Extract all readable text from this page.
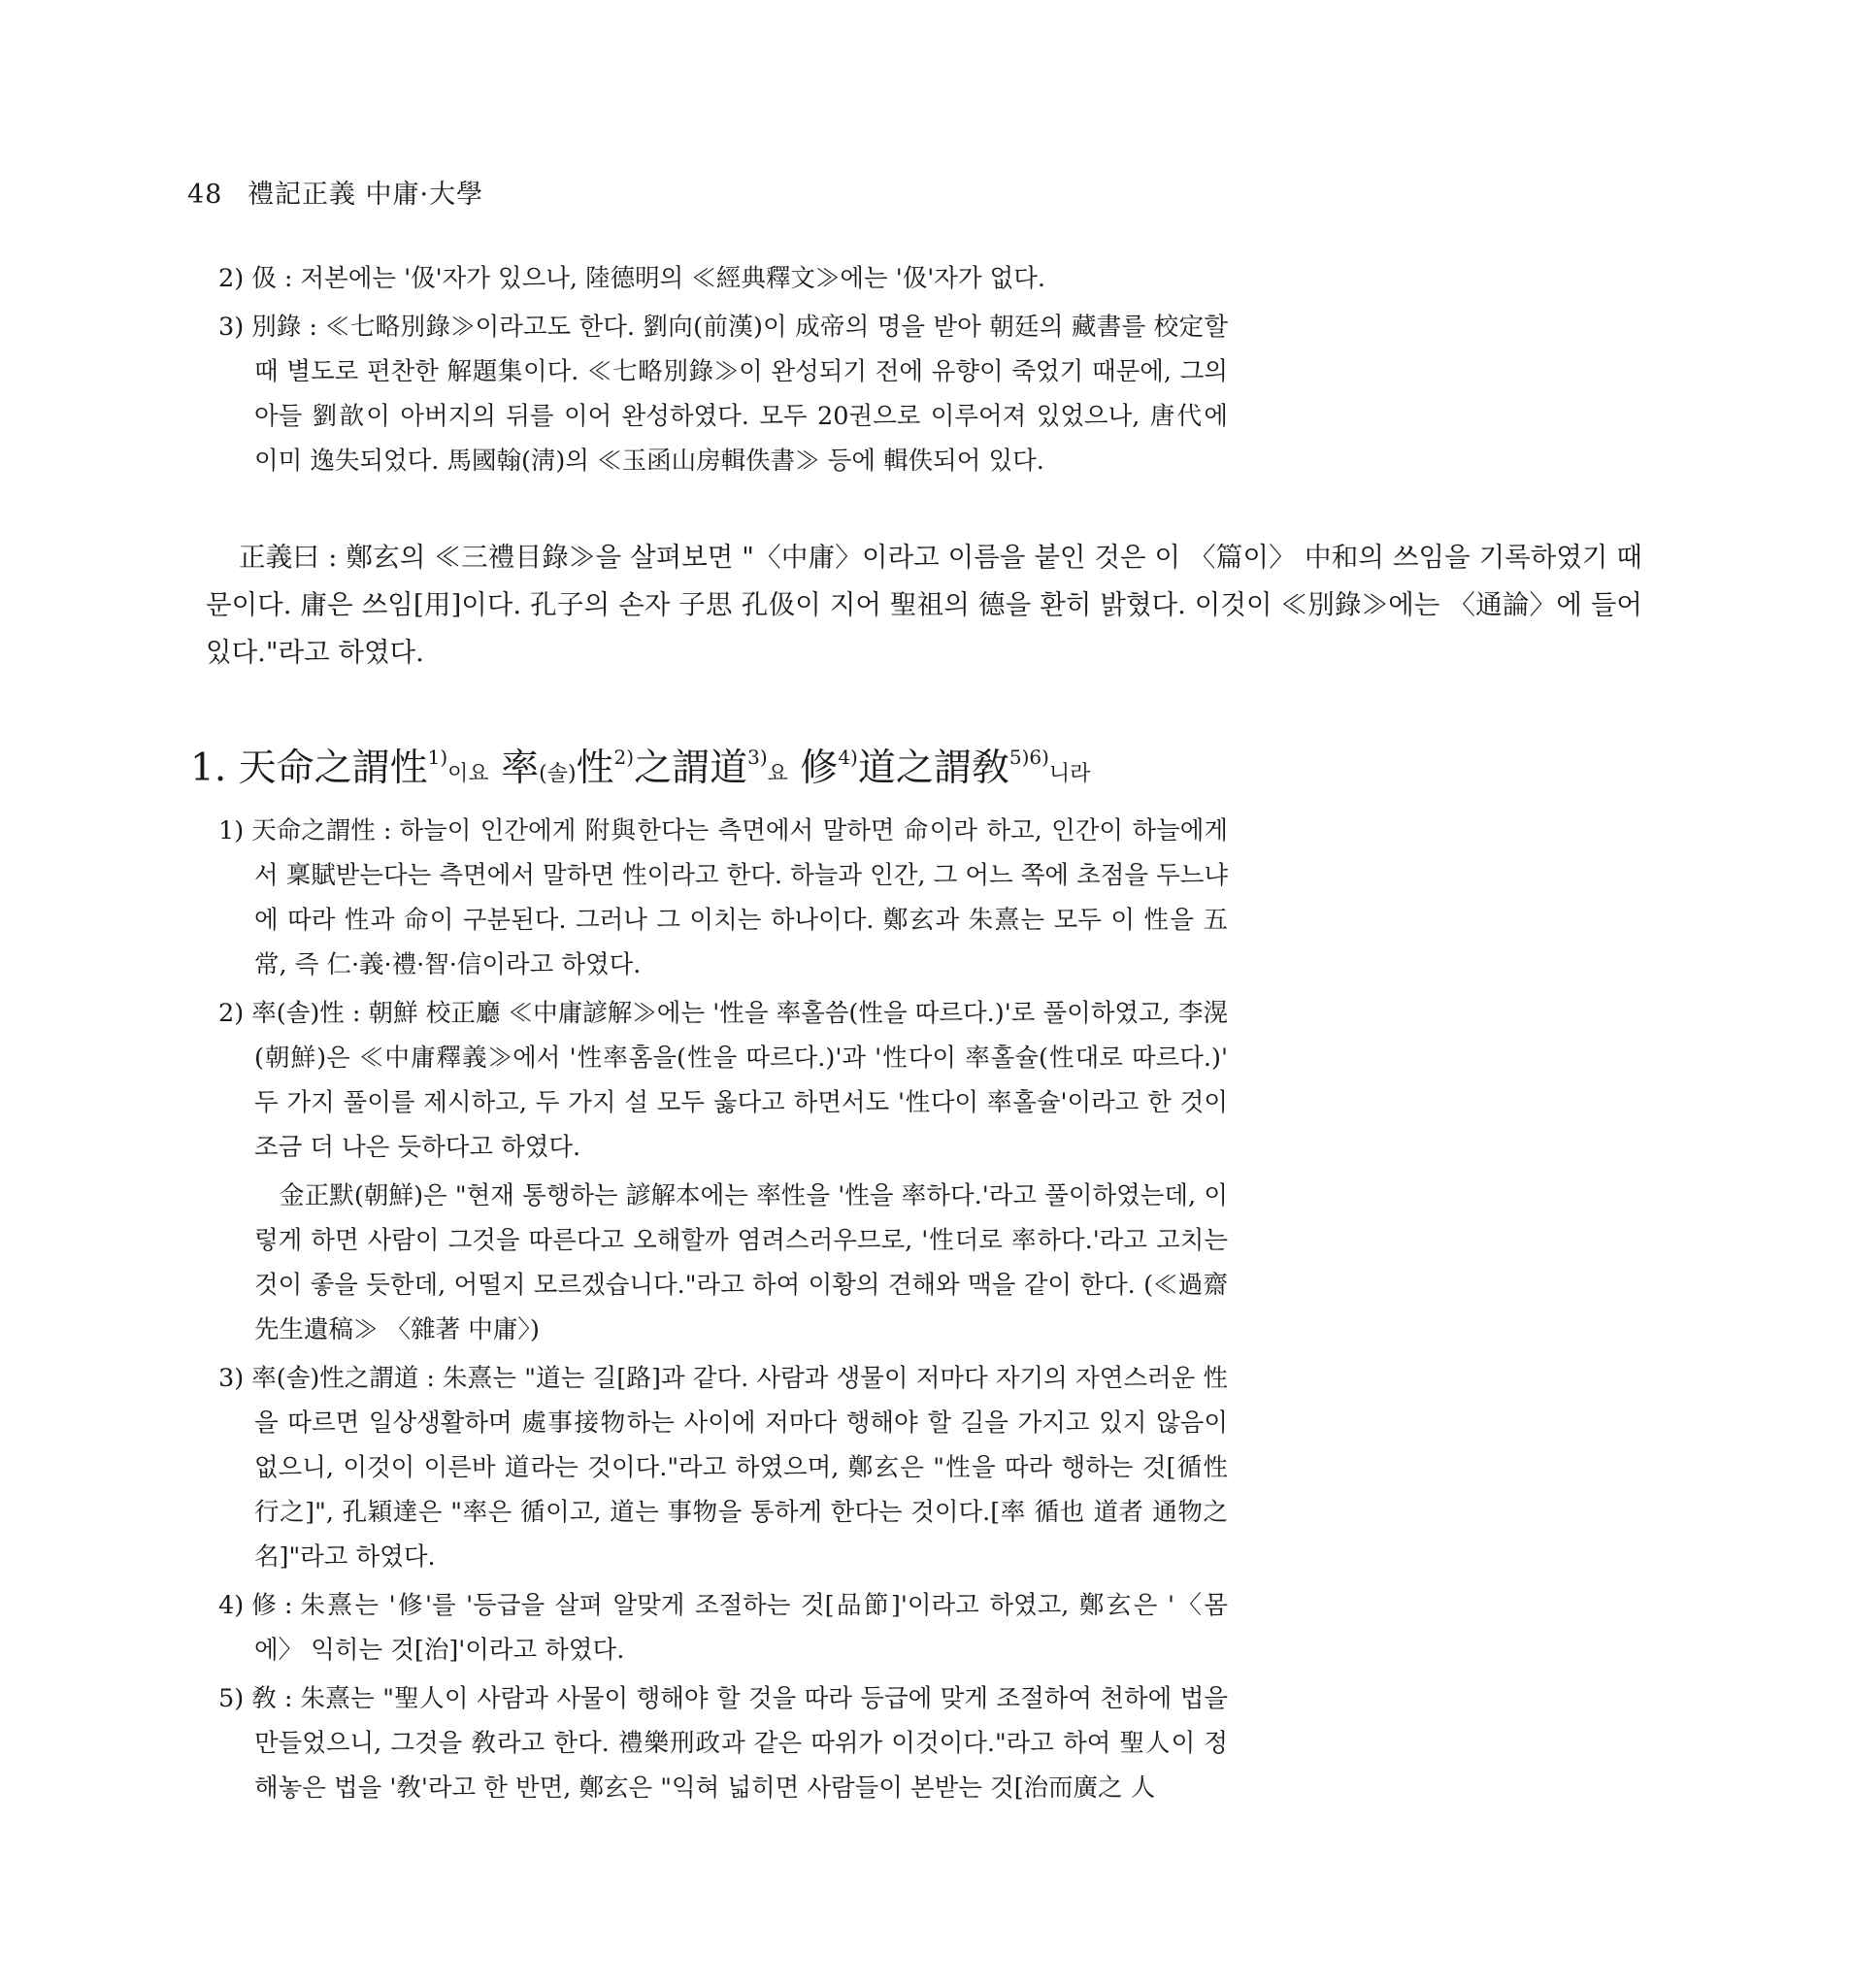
48 禮記正義 中庸·大學
2) 伋 : 저본에는 '伋'자가 있으나, 陸德明의 ≪經典釋文≫에는 '伋'자가 없다.
3) 別錄 : ≪七略別錄≫이라고도 한다. 劉向(前漢)이 成帝의 명을 받아 朝廷의 藏書를 校定할 때 별도로 편찬한 解題集이다. ≪七略別錄≫이 완성되기 전에 유향이 죽었기 때문에, 그의 아들 劉歆이 아버지의 뒤를 이어 완성하였다. 모두 20권으로 이루어져 있었으나, 唐代에 이미 逸失되었다. 馬國翰(淸)의 ≪玉函山房輯佚書≫ 등에 輯佚되어 있다.
正義曰 : 鄭玄의 ≪三禮目錄≫을 살펴보면 "〈中庸〉이라고 이름을 붙인 것은 이 〈篇이〉 中和의 쓰임을 기록하였기 때문이다. 庸은 쓰임[用]이다. 孔子의 손자 子思 孔伋이 지어 聖祖의 德을 환히 밝혔다. 이것이 ≪別錄≫에는 〈通論〉에 들어 있다."라고 하였다.
1. 天命之謂性$^{1)}$이요 率(솔)性$^{2)}$之謂道$^{3)}$요 修$^{4)}$道之謂敎$^{5)6)}$니라
1) 天命之謂性 : 하늘이 인간에게 附與한다는 측면에서 말하면 命이라 하고, 인간이 하늘에게서 稟賦받는다는 측면에서 말하면 性이라고 한다. 하늘과 인간, 그 어느 쪽에 초점을 두느냐에 따라 性과 命이 구분된다. 그러나 그 이치는 하나이다. 鄭玄과 朱熹는 모두 이 性을 五常, 즉 仁·義·禮·智·信이라고 하였다.
2) 率(솔)性 : 朝鮮 校正廳 ≪中庸諺解≫에는 '性을 率홀씀(性을 따르다.)'로 풀이하였고, 李滉(朝鮮)은 ≪中庸釋義≫에서 '性率홈을(性을 따르다.)'과 '性다이 率홀슐(性대로 따르다.)' 두 가지 풀이를 제시하고, 두 가지 설 모두 옳다고 하면서도 '性다이 率홀슐'이라고 한 것이 조금 더 나은 듯하다고 하였다.
金正默(朝鮮)은 "현재 통행하는 諺解本에는 率性을 '性을 率하다.'라고 풀이하였는데, 이렇게 하면 사람이 그것을 따른다고 오해할까 염려스러우므로, '性더로 率하다.'라고 고치는 것이 좋을 듯한데, 어떨지 모르겠습니다."라고 하여 이황의 견해와 맥을 같이 한다. (≪過齋先生遺稿≫ 〈雜著 中庸〉)
3) 率(솔)性之謂道 : 朱熹는 "道는 길[路]과 같다. 사람과 생물이 저마다 자기의 자연스러운 性을 따르면 일상생활하며 處事接物하는 사이에 저마다 행해야 할 길을 가지고 있지 않음이 없으니, 이것이 이른바 道라는 것이다."라고 하였으며, 鄭玄은 "性을 따라 행하는 것[循性行之]", 孔穎達은 "率은 循이고, 道는 事物을 통하게 한다는 것이다.[率 循也 道者 通物之名]"라고 하였다.
4) 修 : 朱熹는 '修'를 '등급을 살펴 알맞게 조절하는 것[品節]'이라고 하였고, 鄭玄은 '〈몸에〉 익히는 것[治]'이라고 하였다.
5) 敎 : 朱熹는 "聖人이 사람과 사물이 행해야 할 것을 따라 등급에 맞게 조절하여 천하에 법을 만들었으니, 그것을 敎라고 한다. 禮樂刑政과 같은 따위가 이것이다."라고 하여 聖人이 정해놓은 법을 '敎'라고 한 반면, 鄭玄은 "익혀 넓히면 사람들이 본받는 것[治而廣之 人
